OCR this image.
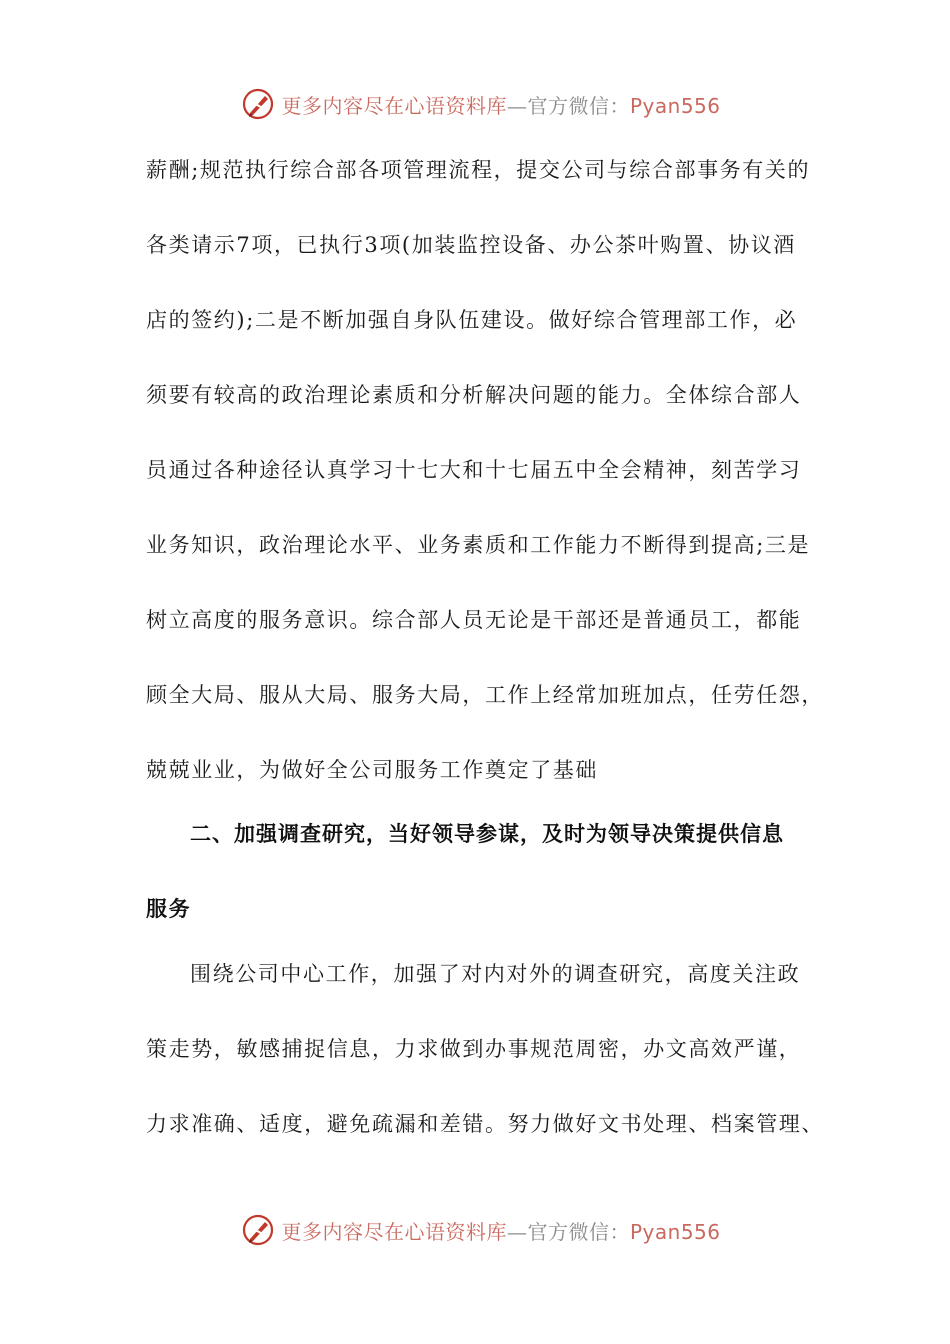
更多内容尽在心语资料库—官方微信：Pyan556
薪酬;规范执行综合部各项管理流程，提交公司与综合部事务有关的
各类请示7项，已执行3项(加装监控设备、办公茶叶购置、协议酒
店的签约);二是不断加强自身队伍建设。做好综合管理部工作，必
须要有较高的政治理论素质和分析解决问题的能力。全体综合部人
员通过各种途径认真学习十七大和十七届五中全会精神，刻苦学习
业务知识，政治理论水平、业务素质和工作能力不断得到提高;三是
树立高度的服务意识。综合部人员无论是干部还是普通员工，都能
顾全大局、服从大局、服务大局，工作上经常加班加点，任劳任怨，
兢兢业业，为做好全公司服务工作奠定了基础
二、加强调查研究，当好领导参谋，及时为领导决策提供信息
服务
围绕公司中心工作，加强了对内对外的调查研究，高度关注政
策走势，敏感捕捉信息，力求做到办事规范周密，办文高效严谨，
力求准确、适度，避免疏漏和差错。努力做好文书处理、档案管理、
更多内容尽在心语资料库—官方微信：Pyan556
